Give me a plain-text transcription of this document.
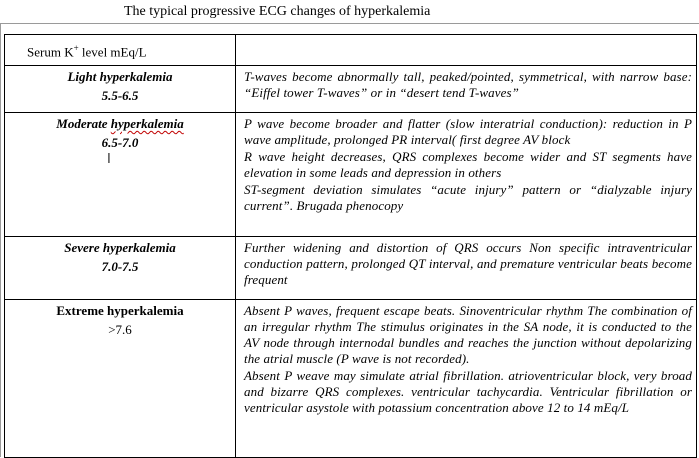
The typical progressive ECG changes of hyperkalemia
Serum K+ level mEq/L	

Light hyperkalemia
5.5-6.5	T-waves become abnormally tall, peaked/pointed, symmetrical, with narrow base: “Eiffel tower T-waves” or in “desert tend T-waves”

Moderate hyperkalemia
6.5-7.0	P wave become broader and flatter (slow interatrial conduction): reduction in P wave amplitude, prolonged PR interval( first degree AV block
R wave height decreases, QRS complexes become wider and ST segments have elevation in some leads and depression in others
ST-segment deviation simulates “acute injury” pattern or “dialyzable injury current”. Brugada phenocopy

Severe hyperkalemia
7.0-7.5	Further widening and distortion of QRS occurs Non specific intraventricular conduction pattern, prolonged QT interval, and premature ventricular beats become frequent

Extreme hyperkalemia
>7.6	Absent P waves, frequent escape beats. Sinoventricular rhythm The combination of an irregular rhythm The stimulus originates in the SA node, it is conducted to the AV node through internodal bundles and reaches the junction without depolarizing the atrial muscle (P wave is not recorded).
Absent P weave may simulate atrial fibrillation. atrioventricular block, very broad and bizarre QRS complexes. ventricular tachycardia. Ventricular fibrillation or ventricular asystole with potassium concentration above 12 to 14 mEq/L
I
